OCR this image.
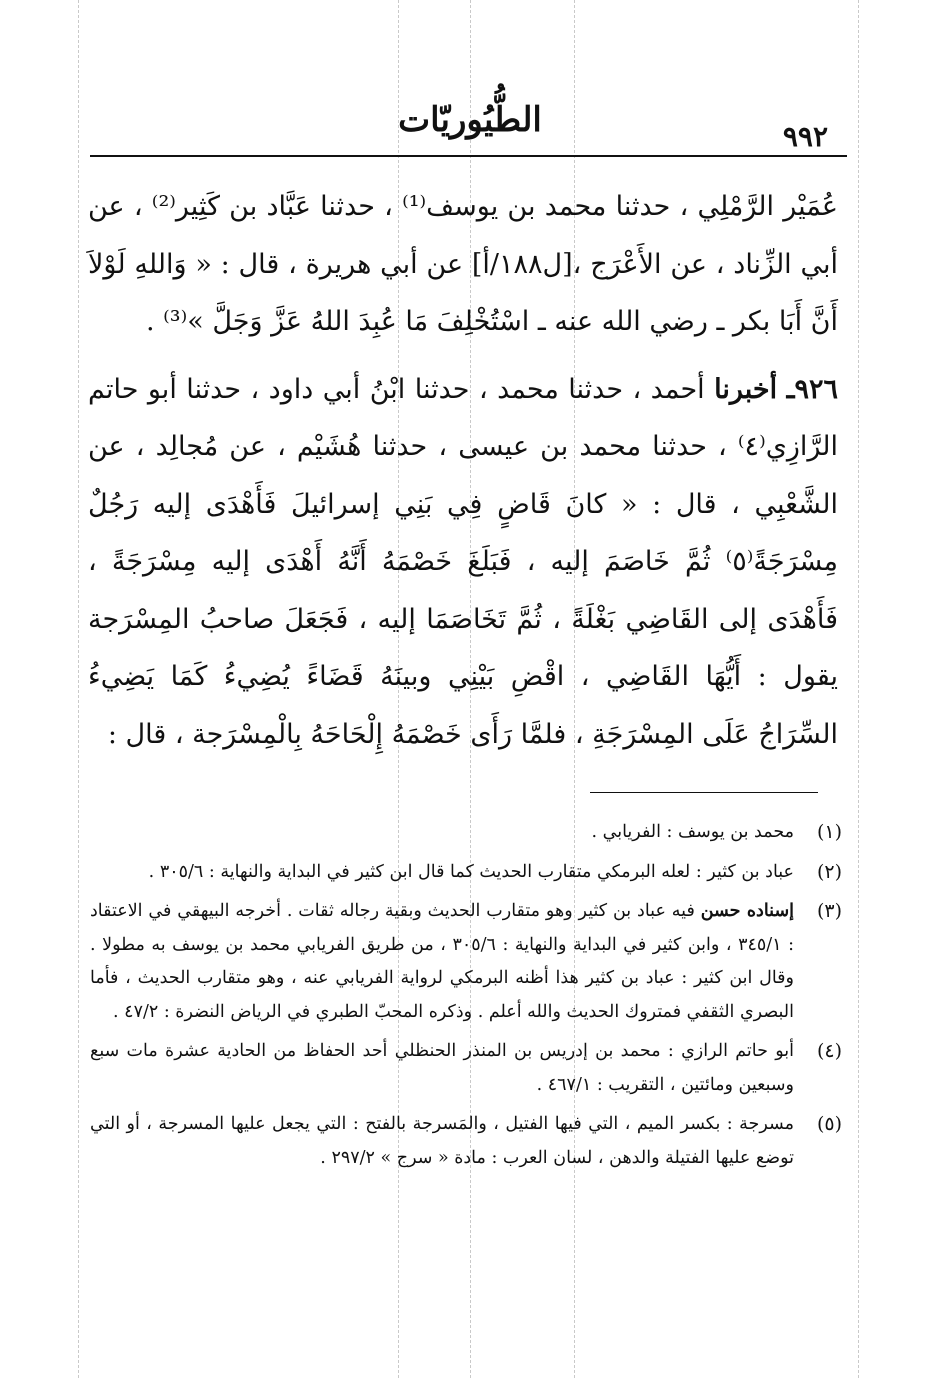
الطُّيُوريّات	٩٩٢

عُمَيْر الرَّمْلِي ، حدثنا محمد بن يوسف⁽¹⁾ ، حدثنا عَبَّاد بن كَثِير⁽²⁾ ، عن أبي الزِّناد ، عن الأَعْرَج ،[ل١٨٨/أ] عن أبي هريرة ، قال : « وَاللهِ لَوْلاَ أَنَّ أَبَا بكر ـ رضي الله عنه ـ اسْتُخْلِفَ مَا عُبِدَ اللهُ عَزَّ وَجَلَّ »⁽³⁾ .

٩٢٦ـ أخبرنا أحمد ، حدثنا محمد ، حدثنا ابْنُ أبي داود ، حدثنا أبو حاتم الرَّازِي⁽٤⁾ ، حدثنا محمد بن عيسى ، حدثنا هُشَيْم ، عن مُجالِد ، عن الشَّعْبِي ، قال : « كانَ قَاضٍ فِي بَنِي إسرائيلَ فَأَهْدَى إليه رَجُلٌ مِسْرَجَةً⁽٥⁾ ثُمَّ خَاصَمَ إليه ، فَبَلَغَ خَصْمَهُ أَنَّهُ أَهْدَى إليه مِسْرَجَةً ، فَأَهْدَى إلى القَاضِي بَغْلَةً ، ثُمَّ تَخَاصَمَا إليه ، فَجَعَلَ صاحبُ المِسْرَجة يقول : أَيُّهَا القَاضِي ، اقْضِ بَيْنِي وبينَهُ قَضَاءً يُضِيءُ كَمَا يَضِيءُ السِّرَاجُ عَلَى المِسْرَجَةِ ، فلمَّا رَأَى خَصْمَهُ إِلْحَاحَهُ بِالْمِسْرَجة ، قال :

(١)
محمد بن يوسف : الفريابي .
(٢)
عباد بن كثير : لعله البرمكي متقارب الحديث كما قال ابن كثير في البداية والنهاية : ٣٠٥/٦ .
(٣)
إسناده حسن فيه عباد بن كثير وهو متقارب الحديث وبقية رجاله ثقات . أخرجه البيهقي في الاعتقاد : ٣٤٥/١ ، وابن كثير في البداية والنهاية : ٣٠٥/٦ ، من طريق الفريابي محمد بن يوسف به مطولا . وقال ابن كثير : عباد بن كثير هذا أظنه البرمكي لرواية الفريابي عنه ، وهو متقارب الحديث ، فأما البصري الثقفي فمتروك الحديث والله أعلم . وذكره المحبّ الطبري في الرياض النضرة : ٤٧/٢ .
(٤)
أبو حاتم الرازي : محمد بن إدريس بن المنذر الحنظلي أحد الحفاظ من الحادية عشرة مات سبع وسبعين ومائتين ، التقريب : ٤٦٧/١ .
(٥)
مسرجة : بكسر الميم ، التي فيها الفتيل ، والمَسرجة بالفتح : التي يجعل عليها المسرجة ، أو التي توضع عليها الفتيلة والدهن ، لسان العرب : مادة « سرج » ٢٩٧/٢ .
